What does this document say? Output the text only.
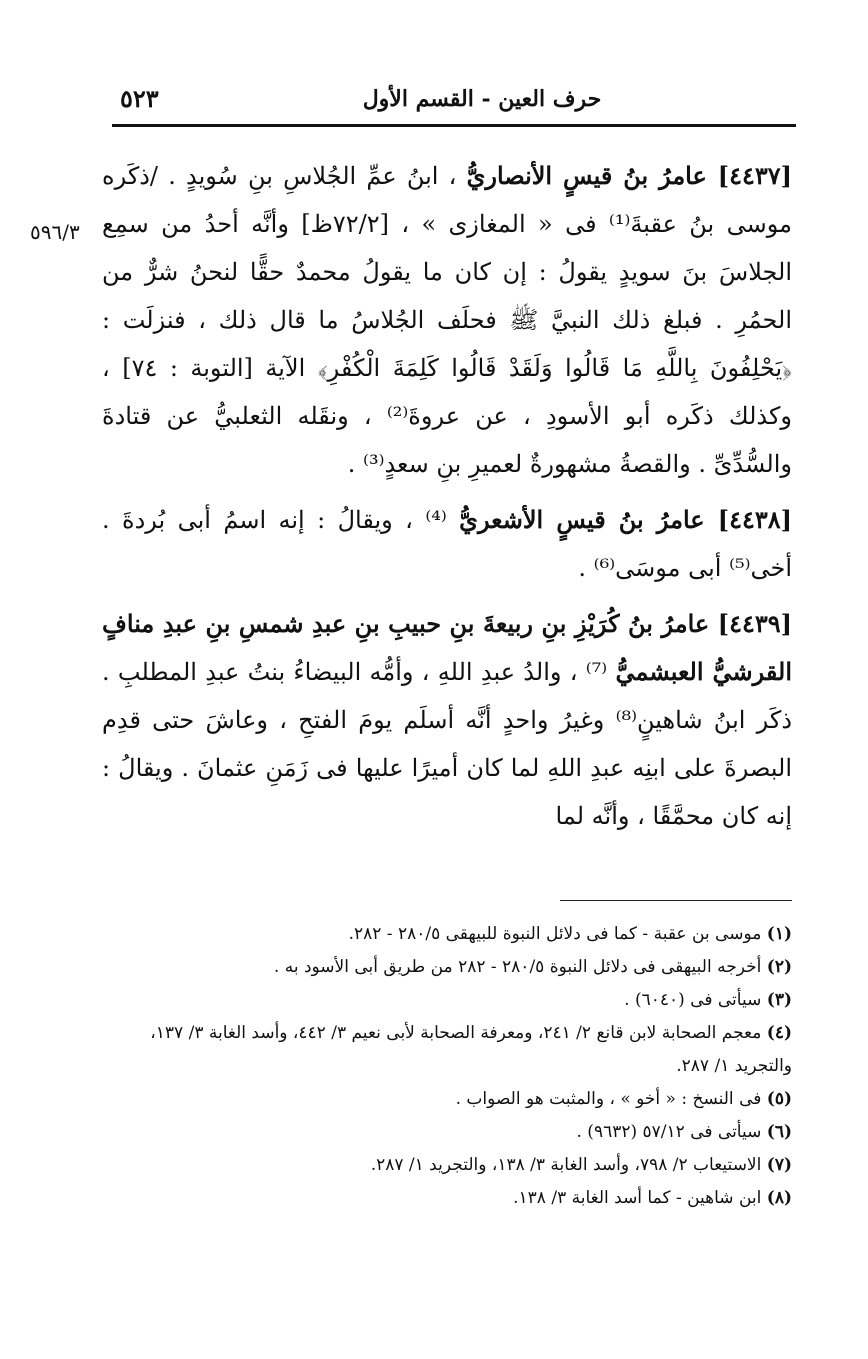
٥٢٣	حرف العين - القسم الأول
٥٩٦/٣

[٤٤٣٧] عامرُ بنُ قيسٍ الأنصاريُّ ، ابنُ عمِّ الجُلاسِ بنِ سُويدٍ . /ذكَره موسى بنُ عقبةَ⁽¹⁾ فى « المغازى » ، [٧٢/٢ظ] وأنَّه أحدُ من سمِع الجلاسَ بنَ سويدٍ يقولُ : إن كان ما يقولُ محمدٌ حقًّا لنحنُ شرٌّ من الحمُرِ . فبلغ ذلك النبيَّ ﷺ فحلَف الجُلاسُ ما قال ذلك ، فنزلَت : ﴿يَحْلِفُونَ بِاللَّهِ مَا قَالُوا وَلَقَدْ قَالُوا كَلِمَةَ الْكُفْرِ﴾ الآية [التوبة : ٧٤] ، وكذلك ذكَره أبو الأسودِ ، عن عروةَ⁽²⁾ ، ونقَله الثعلبيُّ عن قتادةَ والسُّدِّىِّ . والقصةُ مشهورةٌ لعميرِ بنِ سعدٍ⁽³⁾ .

[٤٤٣٨] عامرُ بنُ قيسٍ الأشعريُّ ⁽⁴⁾ ، ويقالُ : إنه اسمُ أبى بُردةَ . أخى⁽⁵⁾ أبى موسَى⁽⁶⁾ .

[٤٤٣٩] عامرُ بنُ كُرَيْزِ بنِ ربيعةَ بنِ حبيبِ بنِ عبدِ شمسِ بنِ عبدِ منافٍ القرشيُّ العبشميُّ ⁽⁷⁾ ، والدُ عبدِ اللهِ ، وأمُّه البيضاءُ بنتُ عبدِ المطلبِ . ذكَر ابنُ شاهينٍ⁽⁸⁾ وغيرُ واحدٍ أنَّه أسلَم يومَ الفتحِ ، وعاشَ حتى قدِم البصرةَ على ابنِه عبدِ اللهِ لما كان أميرًا عليها فى زَمَنِ عثمانَ . ويقالُ : إنه كان محمَّقًا ، وأنَّه لما

(١) موسى بن عقبة - كما فى دلائل النبوة للبيهقى ٢٨٠/٥ - ٢٨٢.

(٢) أخرجه البيهقى فى دلائل النبوة ٢٨٠/٥ - ٢٨٢ من طريق أبى الأسود به .

(٣) سيأتى فى (٦٠٤٠) .

(٤) معجم الصحابة لابن قانع ٢/ ٢٤١، ومعرفة الصحابة لأبى نعيم ٣/ ٤٤٢، وأسد الغابة ٣/ ١٣٧، والتجريد ١/ ٢٨٧.

(٥) فى النسخ : « أخو » ، والمثبت هو الصواب .

(٦) سيأتى فى ٥٧/١٢ (٩٦٣٢) .

(٧) الاستيعاب ٢/ ٧٩٨، وأسد الغابة ٣/ ١٣٨، والتجريد ١/ ٢٨٧.

(٨) ابن شاهين - كما أسد الغابة ٣/ ١٣٨.
